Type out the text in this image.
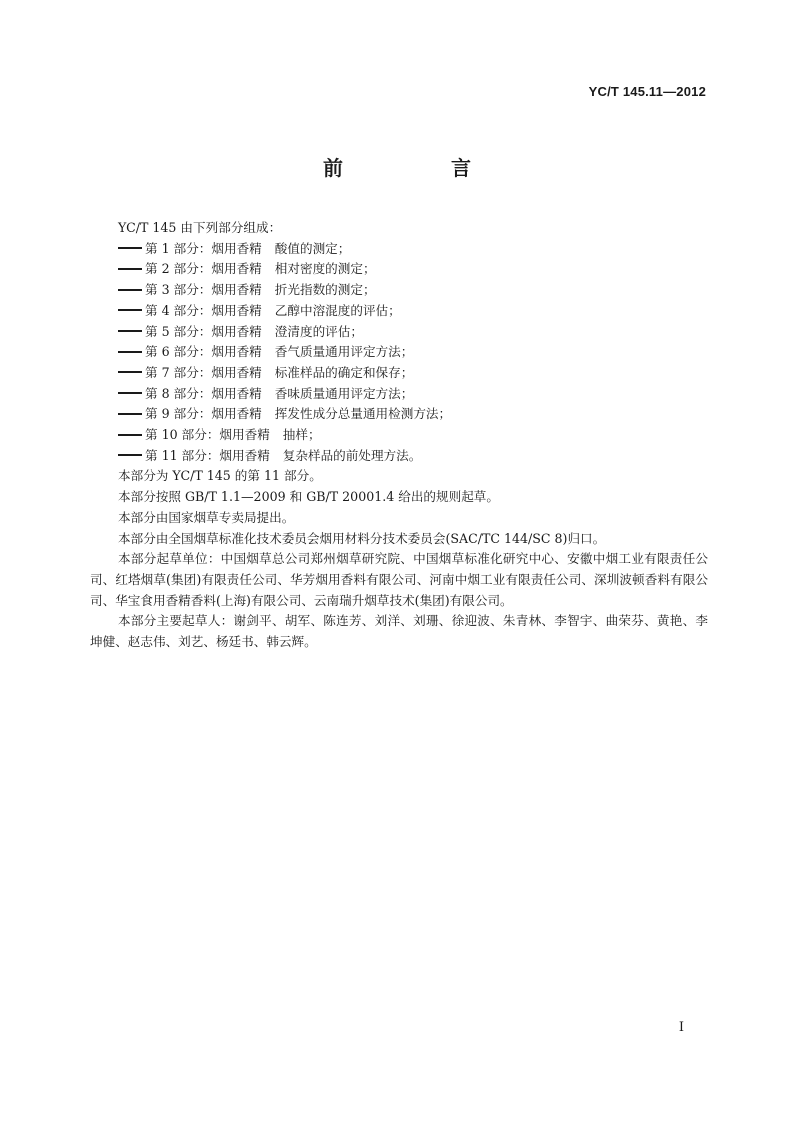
YC/T 145.11—2012
前　言
YC/T 145 由下列部分组成：
第 1 部分：烟用香精 酸值的测定；
第 2 部分：烟用香精 相对密度的测定；
第 3 部分：烟用香精 折光指数的测定；
第 4 部分：烟用香精 乙醇中溶混度的评估；
第 5 部分：烟用香精 澄清度的评估；
第 6 部分：烟用香精 香气质量通用评定方法；
第 7 部分：烟用香精 标准样品的确定和保存；
第 8 部分：烟用香精 香味质量通用评定方法；
第 9 部分：烟用香精 挥发性成分总量通用检测方法；
第 10 部分：烟用香精 抽样；
第 11 部分：烟用香精 复杂样品的前处理方法。
本部分为 YC/T 145 的第 11 部分。
本部分按照 GB/T 1.1—2009 和 GB/T 20001.4 给出的规则起草。
本部分由国家烟草专卖局提出。
本部分由全国烟草标准化技术委员会烟用材料分技术委员会(SAC/TC 144/SC 8)归口。
本部分起草单位：中国烟草总公司郑州烟草研究院、中国烟草标准化研究中心、安徽中烟工业有限责任公司、红塔烟草(集团)有限责任公司、华芳烟用香料有限公司、河南中烟工业有限责任公司、深圳波顿香料有限公司、华宝食用香精香料(上海)有限公司、云南瑞升烟草技术(集团)有限公司。
本部分主要起草人：谢剑平、胡军、陈连芳、刘洋、刘珊、徐迎波、朱青林、李智宇、曲荣芬、黄艳、李坤健、赵志伟、刘艺、杨廷书、韩云辉。
I
